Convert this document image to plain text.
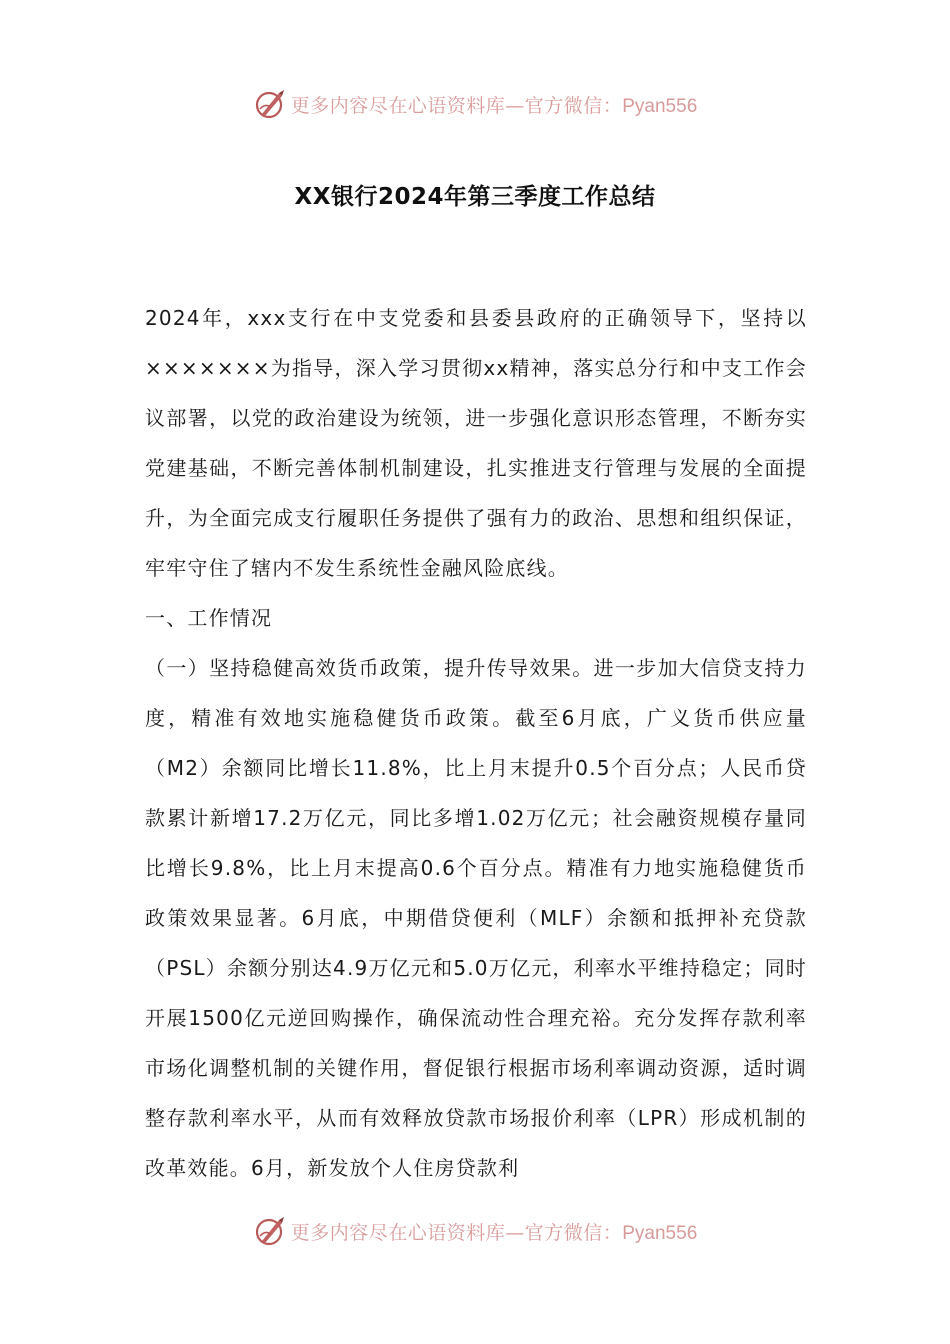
更多内容尽在心语资料库—官方微信：Pyan556
XX银行2024年第三季度工作总结

2024年，xxx支行在中支党委和县委县政府的正确领导下，坚持以×××××××为指导，深入学习贯彻xx精神，落实总分行和中支工作会议部署，以党的政治建设为统领，进一步强化意识形态管理，不断夯实党建基础，不断完善体制机制建设，扎实推进支行管理与发展的全面提升，为全面完成支行履职任务提供了强有力的政治、思想和组织保证，牢牢守住了辖内不发生系统性金融风险底线。

一、工作情况

（一）坚持稳健高效货币政策，提升传导效果。进一步加大信贷支持力度，精准有效地实施稳健货币政策。截至6月底，广义货币供应量（M2）余额同比增长11.8%，比上月末提升0.5个百分点；人民币贷款累计新增17.2万亿元，同比多增1.02万亿元；社会融资规模存量同比增长9.8%，比上月末提高0.6个百分点。精准有力地实施稳健货币政策效果显著。6月底，中期借贷便利（MLF）余额和抵押补充贷款（PSL）余额分别达4.9万亿元和5.0万亿元，利率水平维持稳定；同时开展1500亿元逆回购操作，确保流动性合理充裕。充分发挥存款利率市场化调整机制的关键作用，督促银行根据市场利率调动资源，适时调整存款利率水平，从而有效释放贷款市场报价利率（LPR）形成机制的改革效能。6月，新发放个人住房贷款利

更多内容尽在心语资料库—官方微信：Pyan556
